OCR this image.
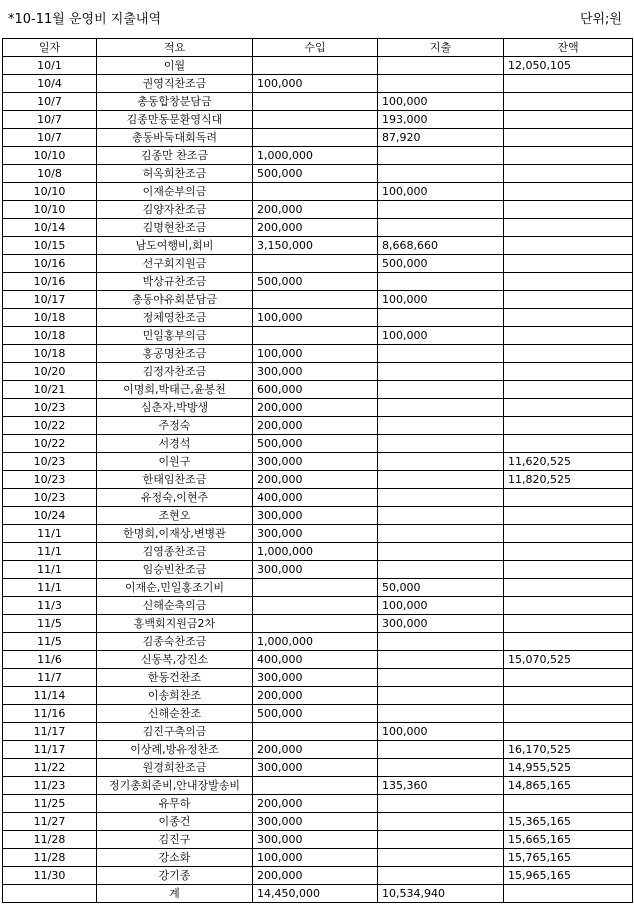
*10-11월 운영비 지출내역	단위;원
일자	적요	수입	지출	잔액
10/1	이월			12,050,105
10/4	권영직찬조금	100,000		
10/7	총동합창분담금		100,000	
10/7	김종만동문환영식대		193,000	
10/7	총동바둑대회독려		87,920	
10/10	김종만 찬조금	1,000,000		
10/8	허옥희찬조금	500,000		
10/10	이재순부의금		100,000	
10/10	김양자찬조금	200,000		
10/14	김명현찬조금	200,000		
10/15	남도여행비,회비	3,150,000	8,668,660	
10/16	선구회지원금		500,000	
10/16	박상규찬조금	500,000		
10/17	총동야유회분담금		100,000	
10/18	정체영찬조금	100,000		
10/18	민일홍부의금		100,000	
10/18	홍공명찬조금	100,000		
10/20	김정자찬조금	300,000		
10/21	이명희,박태근,윤봉천	600,000		
10/23	심춘자,박방생	200,000		
10/22	주정숙	200,000		
10/22	서경석	500,000		
10/23	이원구	300,000		11,620,525
10/23	한태임찬조금	200,000		11,820,525
10/23	유정숙,이현주	400,000		
10/24	조현오	300,000		
11/1	한명희,이재상,변병관	300,000		
11/1	김영종찬조금	1,000,000		
11/1	임승빈찬조금	300,000		
11/1	이재순,민일홍조기비		50,000	
11/3	신해순축의금		100,000	
11/5	홍백회지원금2차		300,000	
11/5	김종숙찬조금	1,000,000		
11/6	신동복,강진소	400,000		15,070,525
11/7	한동건찬조	300,000		
11/14	이송희찬조	200,000		
11/16	신해순찬조	500,000		
11/17	김진구축의금		100,000	
11/17	이상례,방유정찬조	200,000		16,170,525
11/22	원경희찬조금	300,000		14,955,525
11/23	정기총회준비,안내장발송비		135,360	14,865,165
11/25	유무하	200,000		
11/27	이종건	300,000		15,365,165
11/28	김진구	300,000		15,665,165
11/28	강소화	100,000		15,765,165
11/30	강기종	200,000		15,965,165
	계	14,450,000	10,534,940	
